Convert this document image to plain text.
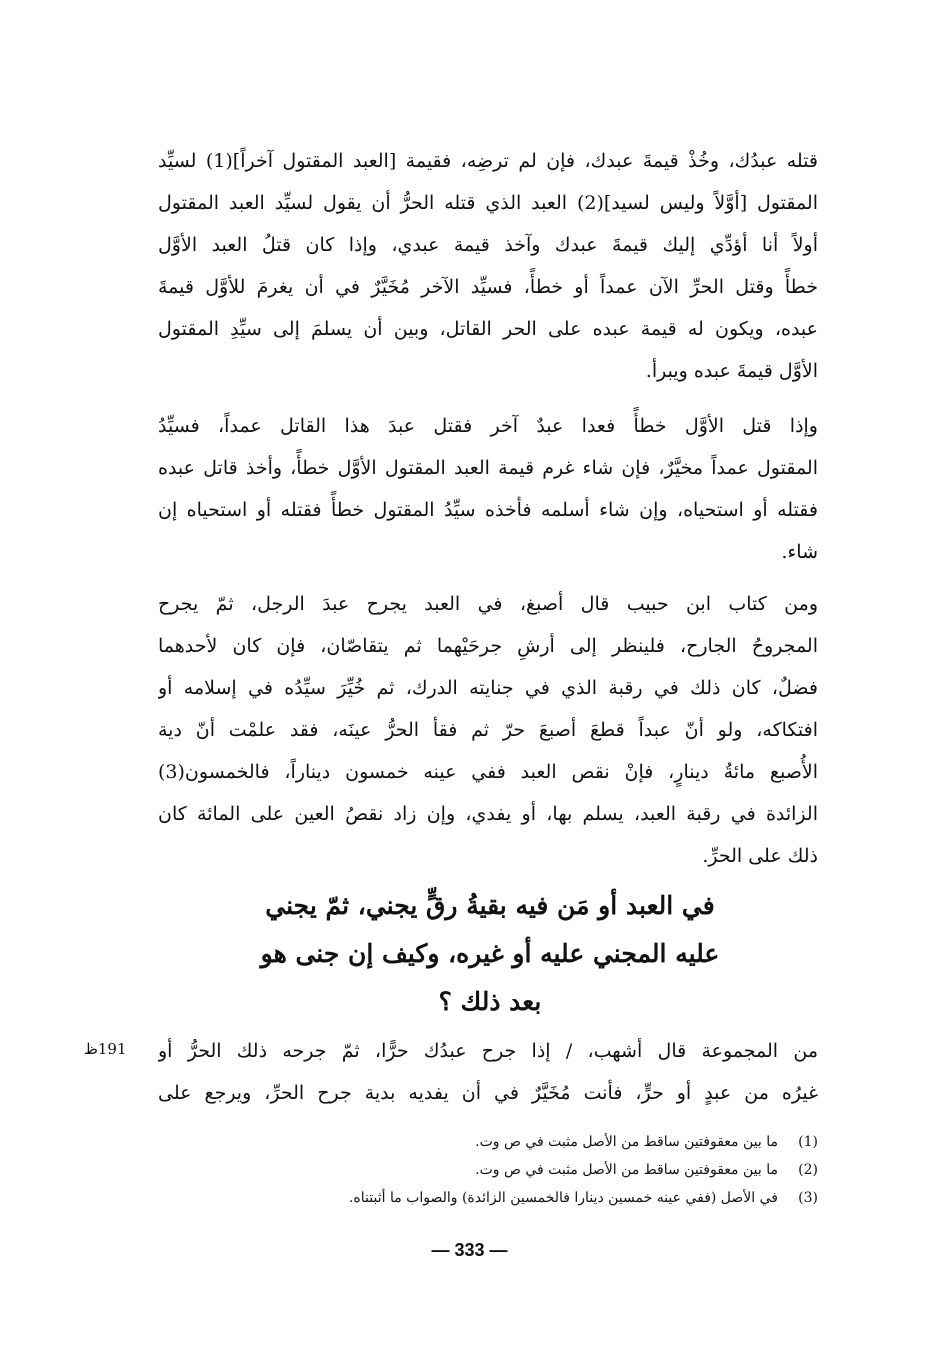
قتله عبدُك، وخُذْ قيمةَ عبدك، فإن لم ترضِه، فقيمة [العبد المقتول آخراً](1) لسيِّد
المقتول [أوَّلاً وليس لسيد](2) العبد الذي قتله الحرُّ أن يقول لسيِّد العبد المقتول
أولاً أنا أؤدِّي إليك قيمةَ عبدك وآخذ قيمة عبدي، وإذا كان قتلُ العبد الأوَّل
خطأً وقتل الحرِّ الآن عمداً أو خطأً، فسيِّد الآخر مُخَيَّرٌ في أن يغرمَ للأوَّل قيمةَ
عبده، ويكون له قيمة عبده على الحر القاتل، وبين أن يسلمَ إلى سيِّدِ المقتول
الأوَّل قيمةَ عبده ويبرأ.
وإذا قتل الأوَّل خطأً فعدا عبدٌ آخر فقتل عبدَ هذا القاتل عمداً، فسيِّدُ
المقتول عمداً مخيَّرٌ، فإن شاء غرم قيمة العبد المقتول الأوَّل خطأً، وأخذ قاتل عبده
فقتله أو استحياه، وإن شاء أسلمه فأخذه سيِّدُ المقتول خطأً فقتله أو استحياه إن
شاء.
ومن كتاب ابن حبيب قال أصبغ، في العبد يجرح عبدَ الرجل، ثمّ يجرح
المجروحُ الجارح، فلينظر إلى أرشِ جرحَيْهما ثم يتقاصّان، فإن كان لأحدهما
فضلٌ، كان ذلك في رقبة الذي في جنايته الدرك، ثم خُيِّرَ سيِّدُه في إسلامه أو
افتكاكه، ولو أنّ عبداً قطعَ أصبعَ حرّ ثم فقأ الحرُّ عينَه، فقد علمْت أنّ دية
الأُصبع مائةُ دينارٍ، فإنْ نقص العبد ففي عينه خمسون ديناراً، فالخمسون(3)
الزائدة في رقبة العبد، يسلم بها، أو يفدي، وإن زاد نقصُ العين على المائة كان
ذلك على الحرِّ.
في العبد أو مَن فيه بقيةُ رقٍّ يجني، ثمّ يجني
عليه المجني عليه أو غيره، وكيف إن جنى هو
بعد ذلك ؟
من المجموعة قال أشهب، / إذا جرح عبدُك حرًّا، ثمّ جرحه ذلك الحرُّ أو
غيرُه من عبدٍ أو حرٍّ، فأنت مُخَيَّرٌ في أن يفديه بدية جرح الحرِّ، ويرجع على
191ظ
(1)
ما بين معقوفتين ساقط من الأصل مثبت في ص وت.
(2)
ما بين معقوفتين ساقط من الأصل مثبت في ص وت.
(3)
في الأصل (ففي عينه خمسين دينارا فالخمسين الزائدة) والصواب ما أثبتناه.
— 333 —
